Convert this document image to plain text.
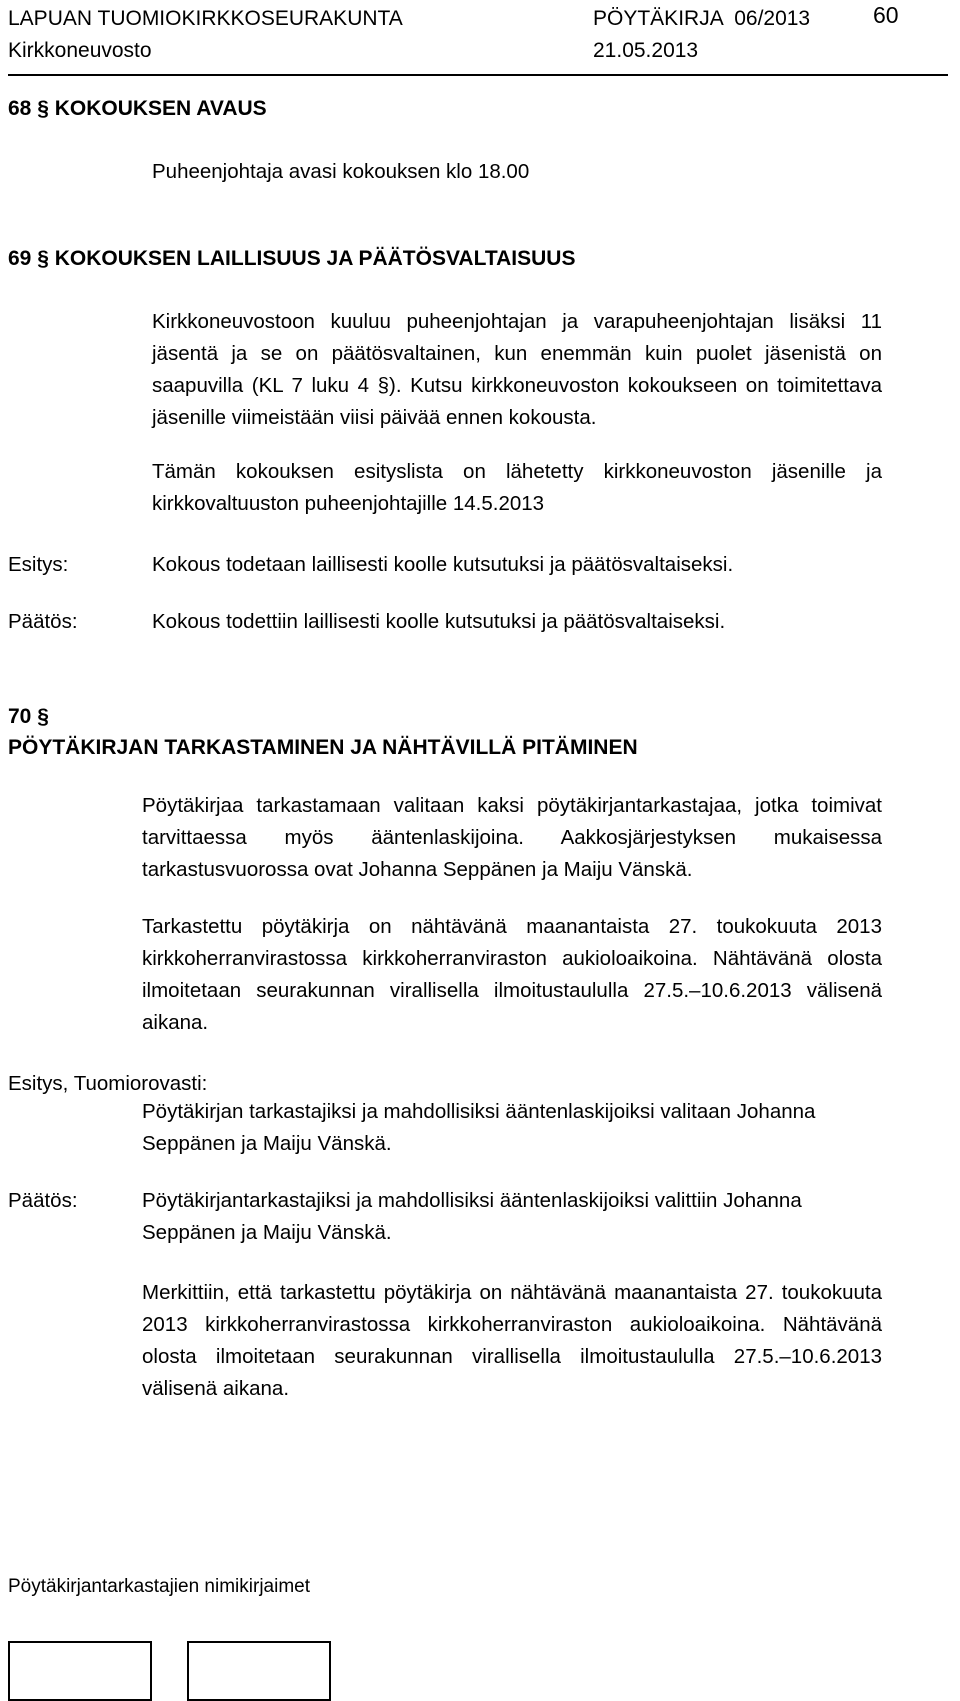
LAPUAN TUOMIOKIRKKOSEURAKUNTA
Kirkkoneuvosto
PÖYTÄKIRJA  06/2013
21.05.2013
60
68 § KOKOUKSEN AVAUS
Puheenjohtaja avasi kokouksen klo 18.00
69 § KOKOUKSEN LAILLISUUS JA PÄÄTÖSVALTAISUUS
Kirkkoneuvostoon kuuluu puheenjohtajan ja varapuheenjohtajan lisäksi 11 jäsentä ja se on päätösvaltainen, kun enemmän kuin puolet jäsenistä on saapuvilla (KL 7 luku 4 §). Kutsu kirkkoneuvoston kokoukseen on toimitettava jäsenille viimeistään viisi päivää ennen kokousta.
Tämän kokouksen esityslista on lähetetty kirkkoneuvoston jäsenille ja kirkkovaltuuston puheenjohtajille 14.5.2013
Esitys:	Kokous todetaan laillisesti koolle kutsutuksi ja päätösvaltaiseksi.
Päätös:	Kokous todettiin laillisesti koolle kutsutuksi ja päätösvaltaiseksi.
70 §
PÖYTÄKIRJAN TARKASTAMINEN JA NÄHTÄVILLÄ PITÄMINEN
Pöytäkirjaa tarkastamaan valitaan kaksi pöytäkirjantarkastajaa, jotka toimivat tarvittaessa myös ääntenlaskijoina. Aakkosjärjestyksen mukaisessa tarkastusvuorossa ovat Johanna Seppänen ja Maiju Vänskä.
Tarkastettu pöytäkirja on nähtävänä maanantaista 27. toukokuuta 2013 kirkkoherranvirastossa kirkkoherranviraston aukioloaikoina. Nähtävänä olosta ilmoitetaan seurakunnan virallisella ilmoitustaululla 27.5.–10.6.2013 välisenä aikana.
Esitys, Tuomiorovasti:
Pöytäkirjan tarkastajiksi ja mahdollisiksi ääntenlaskijoiksi valitaan Johanna Seppänen ja Maiju Vänskä.
Päätös:	Pöytäkirjantarkastajiksi ja mahdollisiksi ääntenlaskijoiksi valittiin Johanna Seppänen ja Maiju Vänskä.
Merkittiin, että tarkastettu pöytäkirja on nähtävänä maanantaista 27. toukokuuta 2013 kirkkoherranvirastossa kirkkoherranviraston aukioloaikoina. Nähtävänä olosta ilmoitetaan seurakunnan virallisella ilmoitustaululla 27.5.–10.6.2013 välisenä aikana.
Pöytäkirjantarkastajien nimikirjaimet
